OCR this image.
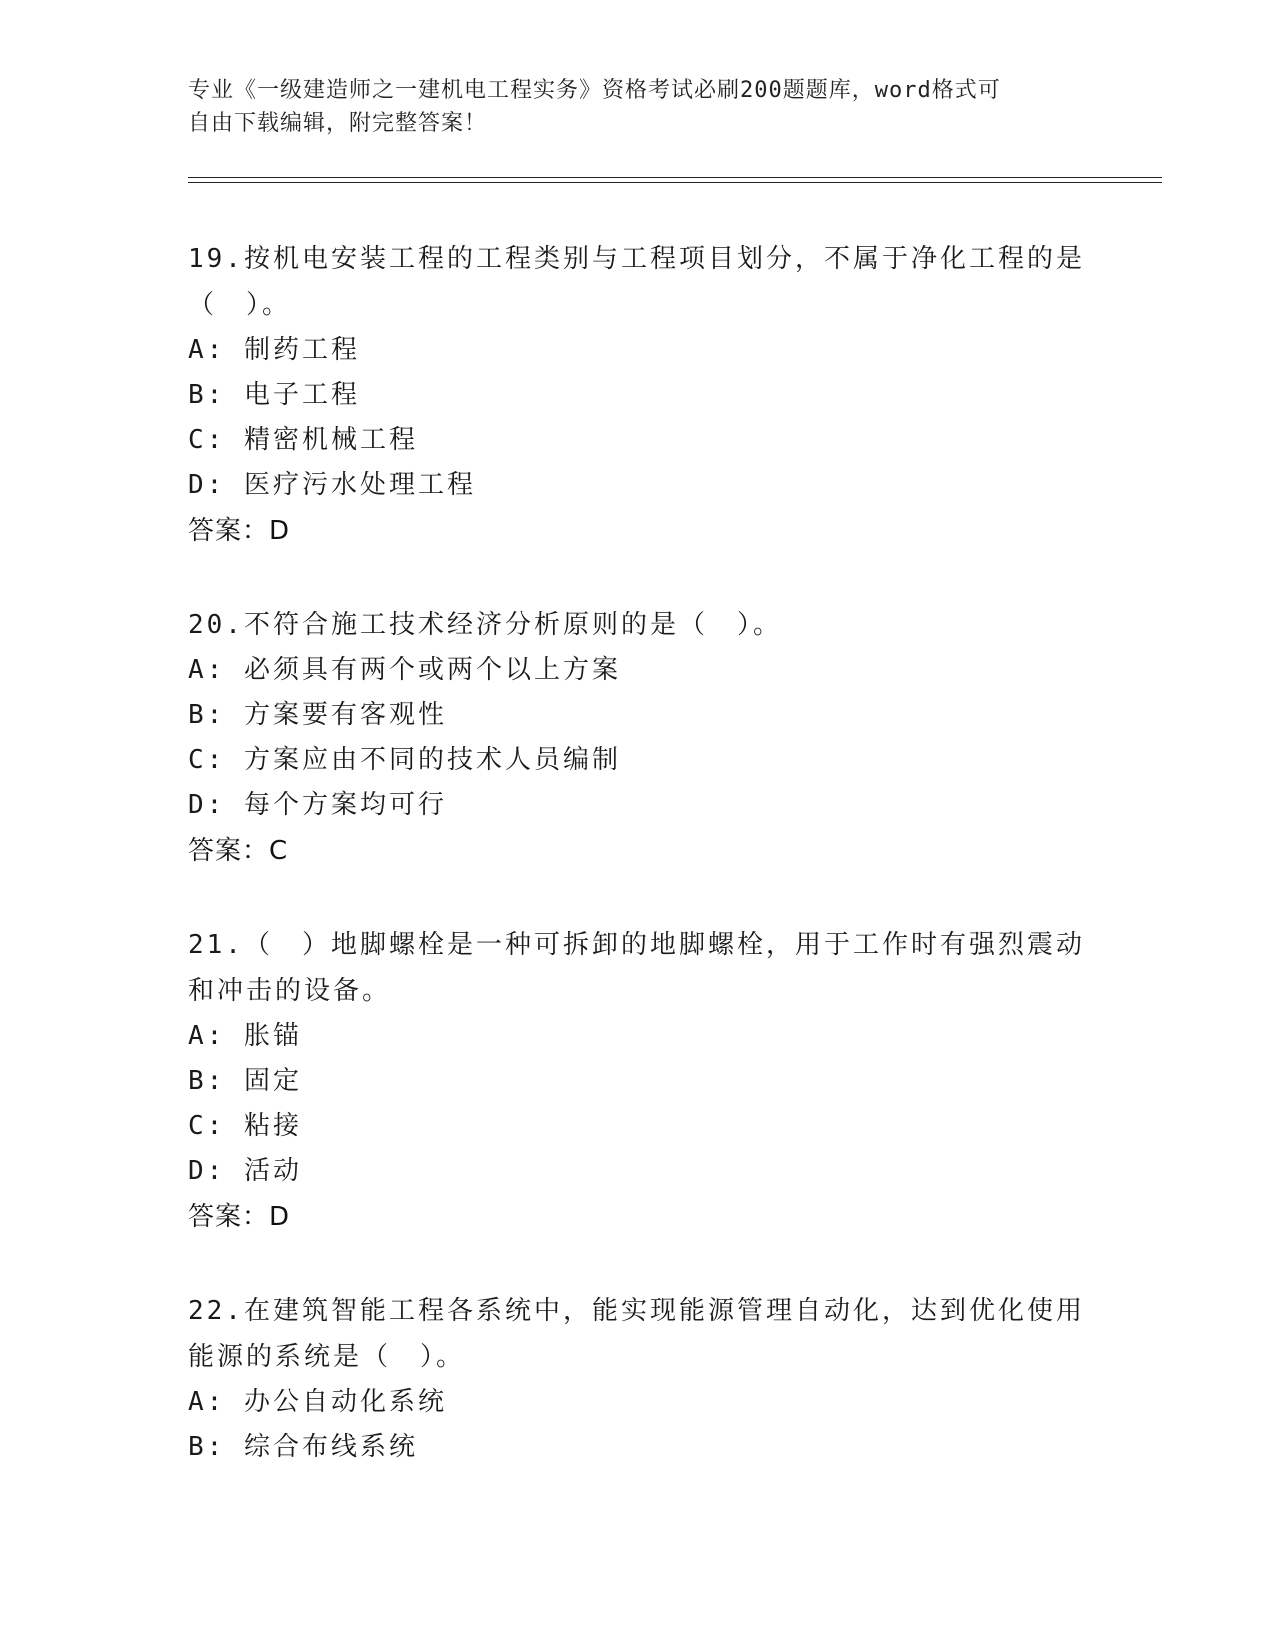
专业《一级建造师之一建机电工程实务》资格考试必刷200题题库，word格式可
自由下载编辑，附完整答案！
19.按机电安装工程的工程类别与工程项目划分，不属于净化工程的是（　）。
A: 制药工程
B: 电子工程
C: 精密机械工程
D: 医疗污水处理工程
答案：D
20.不符合施工技术经济分析原则的是（　）。
A: 必须具有两个或两个以上方案
B: 方案要有客观性
C: 方案应由不同的技术人员编制
D: 每个方案均可行
答案：C
21.（　）地脚螺栓是一种可拆卸的地脚螺栓，用于工作时有强烈震动和冲击的设备。
A: 胀锚
B: 固定
C: 粘接
D: 活动
答案：D
22.在建筑智能工程各系统中，能实现能源管理自动化，达到优化使用能源的系统是（　）。
A: 办公自动化系统
B: 综合布线系统
